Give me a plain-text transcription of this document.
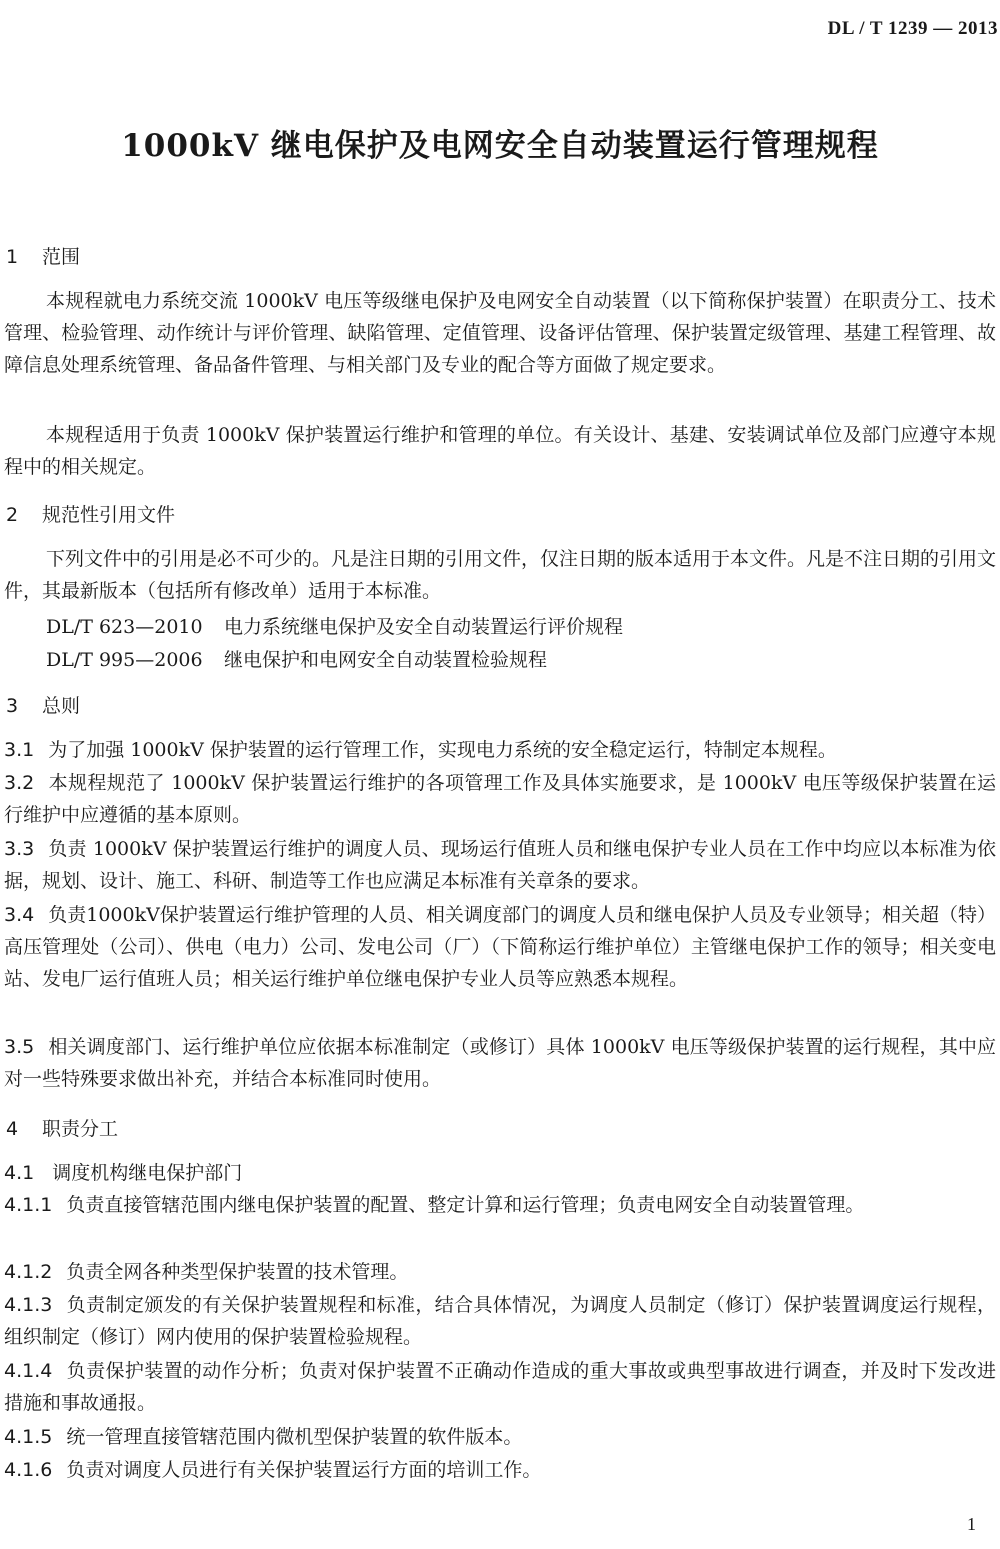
DL / T 1239 — 2013
1000kV 继电保护及电网安全自动装置运行管理规程
1 范围
本规程就电力系统交流 1000kV 电压等级继电保护及电网安全自动装置（以下简称保护装置）在职责分工、技术管理、检验管理、动作统计与评价管理、缺陷管理、定值管理、设备评估管理、保护装置定级管理、基建工程管理、故障信息处理系统管理、备品备件管理、与相关部门及专业的配合等方面做了规定要求。
本规程适用于负责 1000kV 保护装置运行维护和管理的单位。有关设计、基建、安装调试单位及部门应遵守本规程中的相关规定。
2 规范性引用文件
下列文件中的引用是必不可少的。凡是注日期的引用文件，仅注日期的版本适用于本文件。凡是不注日期的引用文件，其最新版本（包括所有修改单）适用于本标准。
DL/T 623—2010 电力系统继电保护及安全自动装置运行评价规程
DL/T 995—2006 继电保护和电网安全自动装置检验规程
3 总则
3.1 为了加强 1000kV 保护装置的运行管理工作，实现电力系统的安全稳定运行，特制定本规程。
3.2 本规程规范了 1000kV 保护装置运行维护的各项管理工作及具体实施要求，是 1000kV 电压等级保护装置在运行维护中应遵循的基本原则。
3.3 负责 1000kV 保护装置运行维护的调度人员、现场运行值班人员和继电保护专业人员在工作中均应以本标准为依据，规划、设计、施工、科研、制造等工作也应满足本标准有关章条的要求。
3.4 负责1000kV保护装置运行维护管理的人员、相关调度部门的调度人员和继电保护人员及专业领导；相关超（特）高压管理处（公司）、供电（电力）公司、发电公司（厂）（下简称运行维护单位）主管继电保护工作的领导；相关变电站、发电厂运行值班人员；相关运行维护单位继电保护专业人员等应熟悉本规程。
3.5 相关调度部门、运行维护单位应依据本标准制定（或修订）具体 1000kV 电压等级保护装置的运行规程，其中应对一些特殊要求做出补充，并结合本标准同时使用。
4 职责分工
4.1 调度机构继电保护部门
4.1.1 负责直接管辖范围内继电保护装置的配置、整定计算和运行管理；负责电网安全自动装置管理。
4.1.2 负责全网各种类型保护装置的技术管理。
4.1.3 负责制定颁发的有关保护装置规程和标准，结合具体情况，为调度人员制定（修订）保护装置调度运行规程，组织制定（修订）网内使用的保护装置检验规程。
4.1.4 负责保护装置的动作分析；负责对保护装置不正确动作造成的重大事故或典型事故进行调查，并及时下发改进措施和事故通报。
4.1.5 统一管理直接管辖范围内微机型保护装置的软件版本。
4.1.6 负责对调度人员进行有关保护装置运行方面的培训工作。
1
